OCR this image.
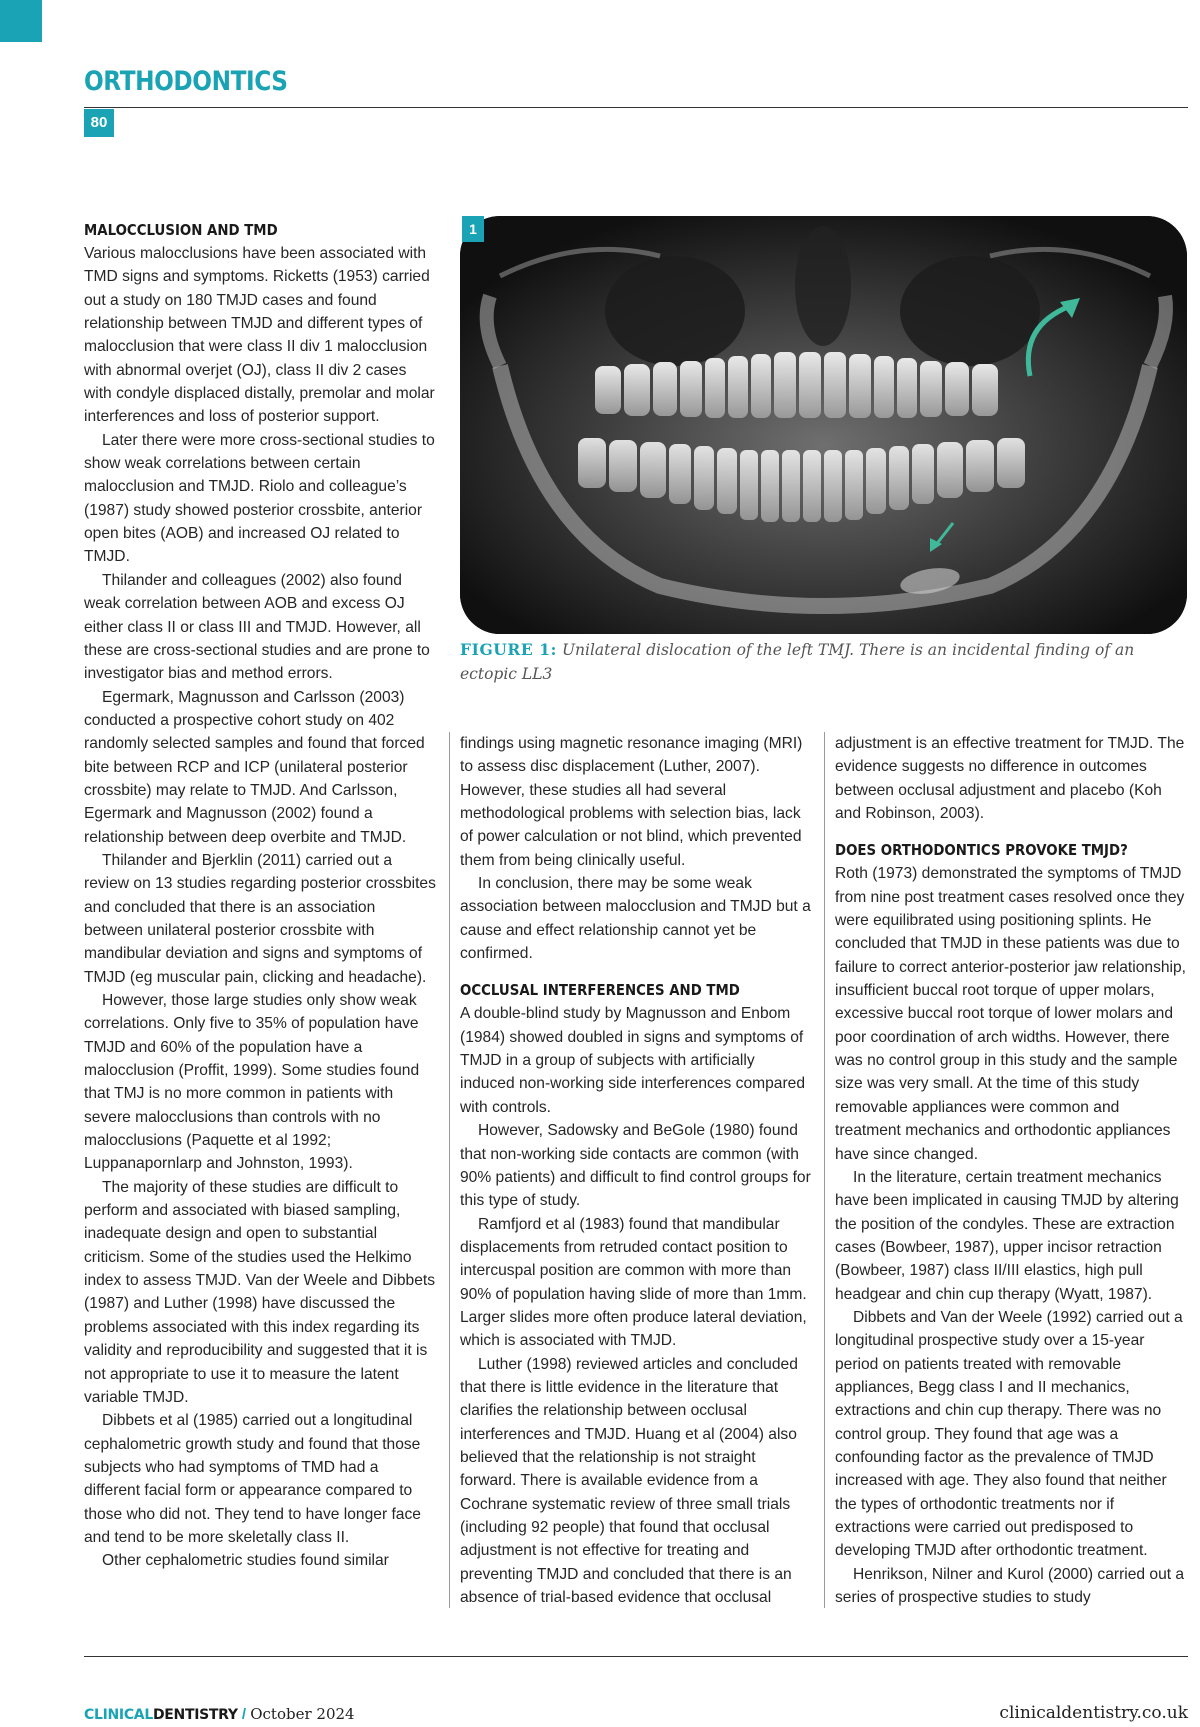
ORTHODONTICS
80
MALOCCLUSION AND TMD

Various malocclusions have been associated with TMD signs and symptoms. Ricketts (1953) carried out a study on 180 TMJD cases and found relationship between TMJD and different types of malocclusion that were class II div 1 malocclusion with abnormal overjet (OJ), class II div 2 cases with condyle displaced distally, premolar and molar interferences and loss of posterior support.

Later there were more cross-sectional studies to show weak correlations between certain malocclusion and TMJD. Riolo and colleague’s (1987) study showed posterior crossbite, anterior open bites (AOB) and increased OJ related to TMJD.

Thilander and colleagues (2002) also found weak correlation between AOB and excess OJ either class II or class III and TMJD. However, all these are cross-sectional studies and are prone to investigator bias and method errors.

Egermark, Magnusson and Carlsson (2003) conducted a prospective cohort study on 402 randomly selected samples and found that forced bite between RCP and ICP (unilateral posterior crossbite) may relate to TMJD. And Carlsson, Egermark and Magnusson (2002) found a relationship between deep overbite and TMJD.

Thilander and Bjerklin (2011) carried out a review on 13 studies regarding posterior crossbites and concluded that there is an association between unilateral posterior crossbite with mandibular deviation and signs and symptoms of TMJD (eg muscular pain, clicking and headache).

However, those large studies only show weak correlations. Only five to 35% of population have TMJD and 60% of the population have a malocclusion (Proffit, 1999). Some studies found that TMJ is no more common in patients with severe malocclusions than controls with no malocclusions (Paquette et al 1992; Luppanapornlarp and Johnston, 1993).

The majority of these studies are difficult to perform and associated with biased sampling, inadequate design and open to substantial criticism. Some of the studies used the Helkimo index to assess TMJD. Van der Weele and Dibbets (1987) and Luther (1998) have discussed the problems associated with this index regarding its validity and reproducibility and suggested that it is not appropriate to use it to measure the latent variable TMJD.

Dibbets et al (1985) carried out a longitudinal cephalometric growth study and found that those subjects who had symptoms of TMD had a different facial form or appearance compared to those who did not. They tend to have longer face and tend to be more skeletally class II.

Other cephalometric studies found similar

1
FIGURE 1: Unilateral dislocation of the left TMJ. There is an incidental finding of an ectopic LL3

findings using magnetic resonance imaging (MRI) to assess disc displacement (Luther, 2007). However, these studies all had several methodological problems with selection bias, lack of power calculation or not blind, which prevented them from being clinically useful.

In conclusion, there may be some weak association between malocclusion and TMJD but a cause and effect relationship cannot yet be confirmed.

OCCLUSAL INTERFERENCES AND TMD

A double-blind study by Magnusson and Enbom (1984) showed doubled in signs and symptoms of TMJD in a group of subjects with artificially induced non-working side interferences compared with controls.

However, Sadowsky and BeGole (1980) found that non-working side contacts are common (with 90% patients) and difficult to find control groups for this type of study.

Ramfjord et al (1983) found that mandibular displacements from retruded contact position to intercuspal position are common with more than 90% of population having slide of more than 1mm. Larger slides more often produce lateral deviation, which is associated with TMJD.

Luther (1998) reviewed articles and concluded that there is little evidence in the literature that clarifies the relationship between occlusal interferences and TMJD. Huang et al (2004) also believed that the relationship is not straight forward. There is available evidence from a Cochrane systematic review of three small trials (including 92 people) that found that occlusal adjustment is not effective for treating and preventing TMJD and concluded that there is an absence of trial-based evidence that occlusal

adjustment is an effective treatment for TMJD. The evidence suggests no difference in outcomes between occlusal adjustment and placebo (Koh and Robinson, 2003).

DOES ORTHODONTICS PROVOKE TMJD?

Roth (1973) demonstrated the symptoms of TMJD from nine post treatment cases resolved once they were equilibrated using positioning splints. He concluded that TMJD in these patients was due to failure to correct anterior-posterior jaw relationship, insufficient buccal root torque of upper molars, excessive buccal root torque of lower molars and poor coordination of arch widths. However, there was no control group in this study and the sample size was very small. At the time of this study removable appliances were common and treatment mechanics and orthodontic appliances have since changed.

In the literature, certain treatment mechanics have been implicated in causing TMJD by altering the position of the condyles. These are extraction cases (Bowbeer, 1987), upper incisor retraction (Bowbeer, 1987) class II/III elastics, high pull headgear and chin cup therapy (Wyatt, 1987).

Dibbets and Van der Weele (1992) carried out a longitudinal prospective study over a 15-year period on patients treated with removable appliances, Begg class I and II mechanics, extractions and chin cup therapy. There was no control group. They found that age was a confounding factor as the prevalence of TMJD increased with age. They also found that neither the types of orthodontic treatments nor if extractions were carried out predisposed to developing TMJD after orthodontic treatment.

Henrikson, Nilner and Kurol (2000) carried out a series of prospective studies to study

CLINICALDENTISTRY / October 2024	clinicaldentistry.co.uk
